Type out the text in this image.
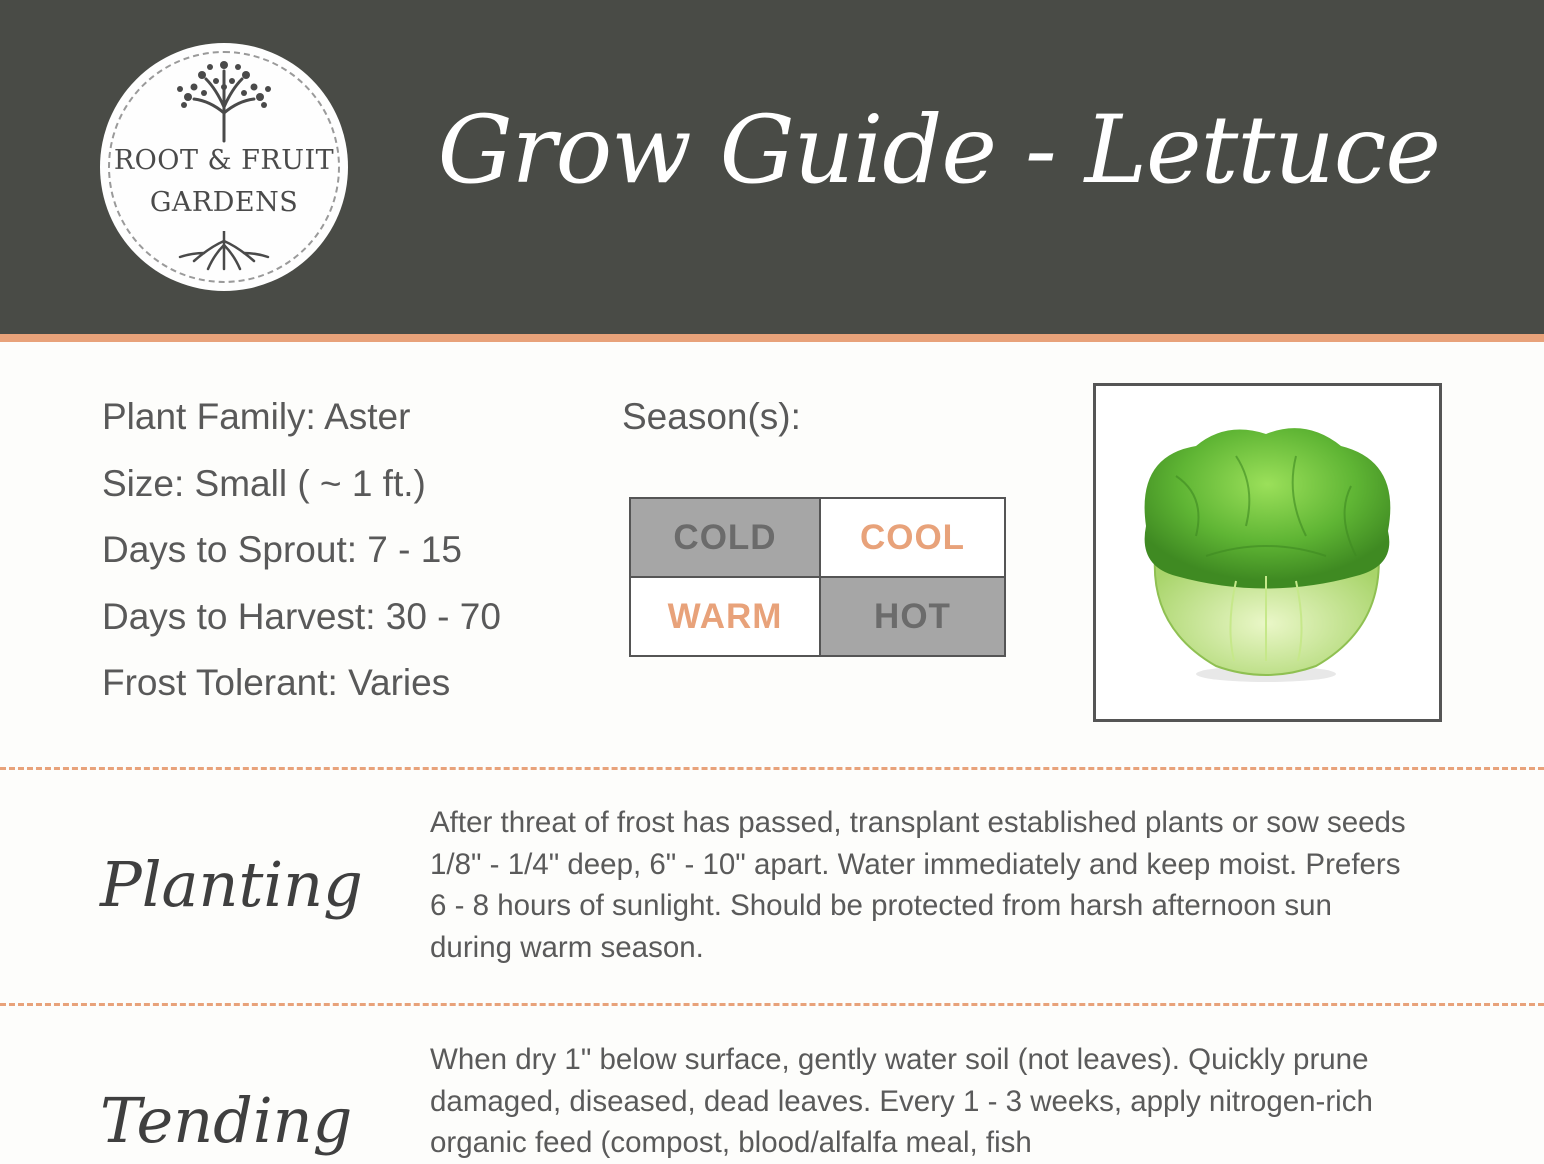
ROOT & FRUIT
GARDENS	Grow Guide - Lettuce
Plant Family: Aster
Size: Small ( ~ 1 ft.)
Days to Sprout: 7 - 15
Days to Harvest: 30 - 70
Frost Tolerant: Varies
Season(s):
COLD	COOL
WARM	HOT
Planting
After threat of frost has passed, transplant established plants or sow seeds 1/8" - 1/4" deep, 6" - 10" apart. Water immediately and keep moist. Prefers 6 - 8 hours of sunlight. Should be protected from harsh afternoon sun during warm season.
Tending
When dry 1" below surface, gently water soil (not leaves). Quickly prune damaged, diseased, dead leaves. Every 1 - 3 weeks, apply nitrogen-rich organic feed (compost, blood/alfalfa meal, fish
